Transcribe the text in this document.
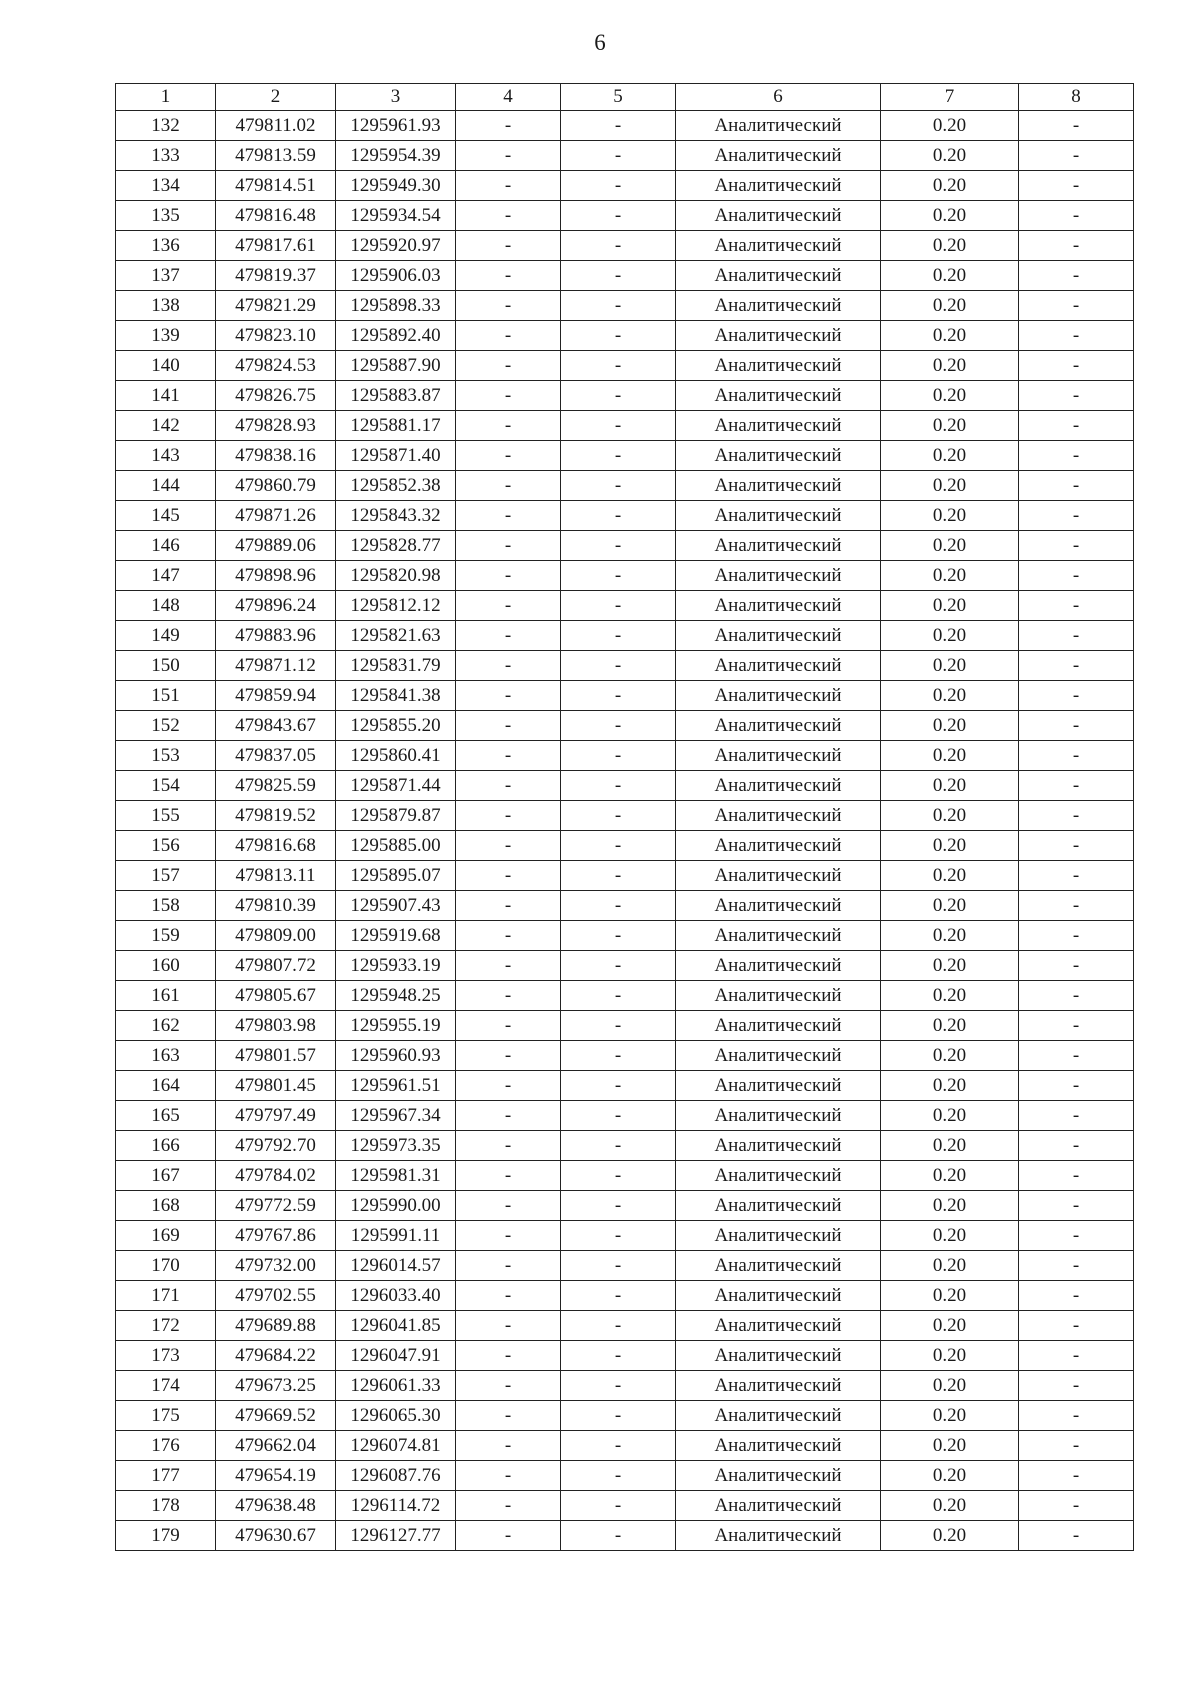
6
1	2	3	4	5	6	7	8
132	479811.02	1295961.93	-	-	Аналитический	0.20	-
133	479813.59	1295954.39	-	-	Аналитический	0.20	-
134	479814.51	1295949.30	-	-	Аналитический	0.20	-
135	479816.48	1295934.54	-	-	Аналитический	0.20	-
136	479817.61	1295920.97	-	-	Аналитический	0.20	-
137	479819.37	1295906.03	-	-	Аналитический	0.20	-
138	479821.29	1295898.33	-	-	Аналитический	0.20	-
139	479823.10	1295892.40	-	-	Аналитический	0.20	-
140	479824.53	1295887.90	-	-	Аналитический	0.20	-
141	479826.75	1295883.87	-	-	Аналитический	0.20	-
142	479828.93	1295881.17	-	-	Аналитический	0.20	-
143	479838.16	1295871.40	-	-	Аналитический	0.20	-
144	479860.79	1295852.38	-	-	Аналитический	0.20	-
145	479871.26	1295843.32	-	-	Аналитический	0.20	-
146	479889.06	1295828.77	-	-	Аналитический	0.20	-
147	479898.96	1295820.98	-	-	Аналитический	0.20	-
148	479896.24	1295812.12	-	-	Аналитический	0.20	-
149	479883.96	1295821.63	-	-	Аналитический	0.20	-
150	479871.12	1295831.79	-	-	Аналитический	0.20	-
151	479859.94	1295841.38	-	-	Аналитический	0.20	-
152	479843.67	1295855.20	-	-	Аналитический	0.20	-
153	479837.05	1295860.41	-	-	Аналитический	0.20	-
154	479825.59	1295871.44	-	-	Аналитический	0.20	-
155	479819.52	1295879.87	-	-	Аналитический	0.20	-
156	479816.68	1295885.00	-	-	Аналитический	0.20	-
157	479813.11	1295895.07	-	-	Аналитический	0.20	-
158	479810.39	1295907.43	-	-	Аналитический	0.20	-
159	479809.00	1295919.68	-	-	Аналитический	0.20	-
160	479807.72	1295933.19	-	-	Аналитический	0.20	-
161	479805.67	1295948.25	-	-	Аналитический	0.20	-
162	479803.98	1295955.19	-	-	Аналитический	0.20	-
163	479801.57	1295960.93	-	-	Аналитический	0.20	-
164	479801.45	1295961.51	-	-	Аналитический	0.20	-
165	479797.49	1295967.34	-	-	Аналитический	0.20	-
166	479792.70	1295973.35	-	-	Аналитический	0.20	-
167	479784.02	1295981.31	-	-	Аналитический	0.20	-
168	479772.59	1295990.00	-	-	Аналитический	0.20	-
169	479767.86	1295991.11	-	-	Аналитический	0.20	-
170	479732.00	1296014.57	-	-	Аналитический	0.20	-
171	479702.55	1296033.40	-	-	Аналитический	0.20	-
172	479689.88	1296041.85	-	-	Аналитический	0.20	-
173	479684.22	1296047.91	-	-	Аналитический	0.20	-
174	479673.25	1296061.33	-	-	Аналитический	0.20	-
175	479669.52	1296065.30	-	-	Аналитический	0.20	-
176	479662.04	1296074.81	-	-	Аналитический	0.20	-
177	479654.19	1296087.76	-	-	Аналитический	0.20	-
178	479638.48	1296114.72	-	-	Аналитический	0.20	-
179	479630.67	1296127.77	-	-	Аналитический	0.20	-
